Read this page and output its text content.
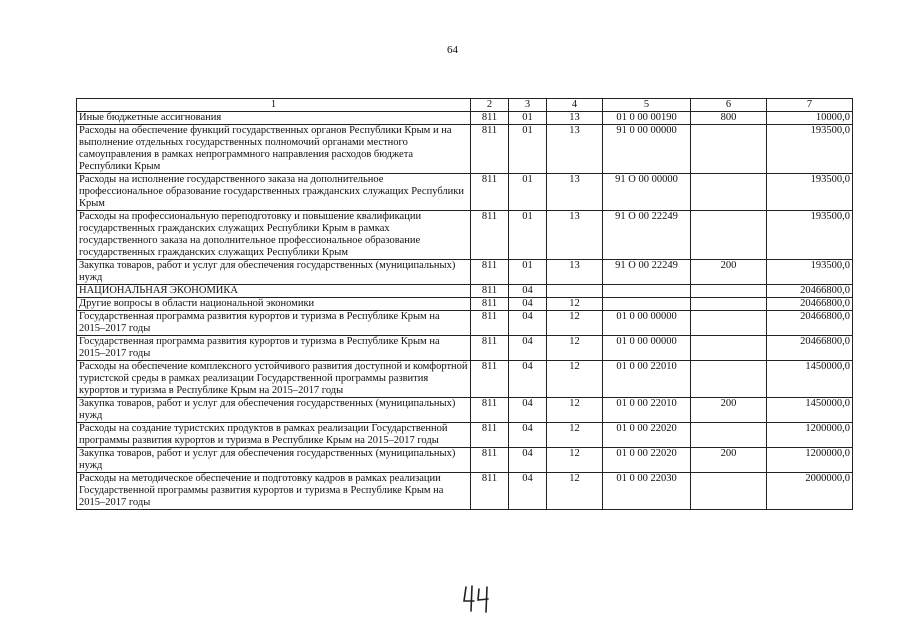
64
1	2	3	4	5	6	7
Иные бюджетные ассигнования	811	01	13	01 0 00 00190	800	10000,0
Расходы на обеспечение функций государственных органов Республики Крым и на выполнение отдельных государственных полномочий органами местного самоуправления в рамках непрограммного направления расходов бюджета Республики Крым	811	01	13	91 0 00 00000		193500,0
Расходы на исполнение государственного заказа на дополнительное профессиональное образование государственных гражданских служащих Республики Крым	811	01	13	91 О 00 00000		193500,0
Расходы на профессиональную переподготовку и повышение квалификации государственных гражданских служащих Республики Крым в рамках государственного заказа на дополнительное профессиональное образование государственных гражданских служащих Республики Крым	811	01	13	91 О 00 22249		193500,0
Закупка товаров, работ и услуг для обеспечения государственных (муниципальных) нужд	811	01	13	91 О 00 22249	200	193500,0
НАЦИОНАЛЬНАЯ ЭКОНОМИКА	811	04				20466800,0
Другие вопросы в области национальной экономики	811	04	12			20466800,0
Государственная программа развития курортов и туризма в Республике Крым на 2015–2017 годы	811	04	12	01 0 00 00000		20466800,0
Государственная программа развития курортов и туризма в Республике Крым на 2015–2017 годы	811	04	12	01 0 00 00000		20466800,0
Расходы на обеспечение комплексного устойчивого развития доступной и комфортной туристской среды в рамках реализации Государственной программы развития курортов и туризма в Республике Крым на 2015–2017 годы	811	04	12	01 0 00 22010		1450000,0
Закупка товаров, работ и услуг для обеспечения государственных (муниципальных) нужд	811	04	12	01 0 00 22010	200	1450000,0
Расходы на создание туристских продуктов в рамках реализации Государственной программы развития курортов и туризма в Республике Крым на 2015–2017 годы	811	04	12	01 0 00 22020		1200000,0
Закупка товаров, работ и услуг для обеспечения государственных (муниципальных) нужд	811	04	12	01 0 00 22020	200	1200000,0
Расходы на методическое обеспечение и подготовку кадров в рамках реализации Государственной программы развития курортов и туризма в Республике Крым на 2015–2017 годы	811	04	12	01 0 00 22030		2000000,0
